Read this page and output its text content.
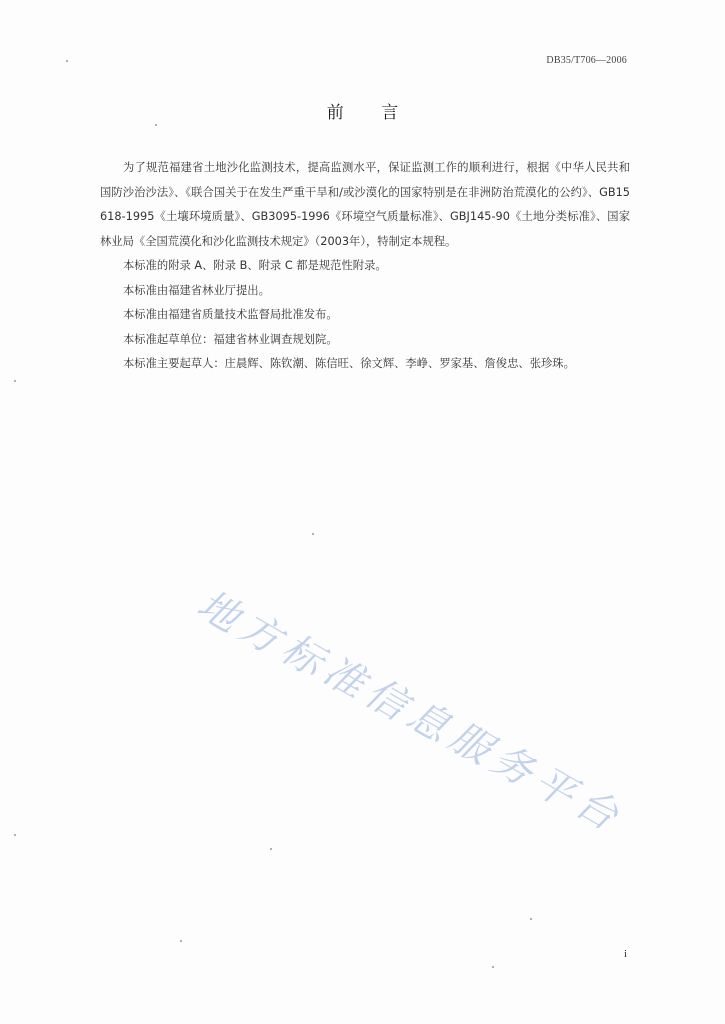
DB35/T706—2006
前 言

为了规范福建省土地沙化监测技术，提高监测水平，保证监测工作的顺利进行，根据《中华人民共和国防沙治沙法》、《联合国关于在发生严重干旱和/或沙漠化的国家特别是在非洲防治荒漠化的公约》、GB15618-1995《土壤环境质量》、GB3095-1996《环境空气质量标准》、GBJ145-90《土地分类标准》、国家林业局《全国荒漠化和沙化监测技术规定》（2003年），特制定本规程。

本标准的附录 A、附录 B、附录 C 都是规范性附录。

本标准由福建省林业厅提出。

本标准由福建省质量技术监督局批准发布。

本标准起草单位：福建省林业调查规划院。

本标准主要起草人：庄晨辉、陈钦潮、陈信旺、徐文辉、李峥、罗家基、詹俊忠、张珍珠。

地
方
标
准
信
息
服
务
平
台
i
